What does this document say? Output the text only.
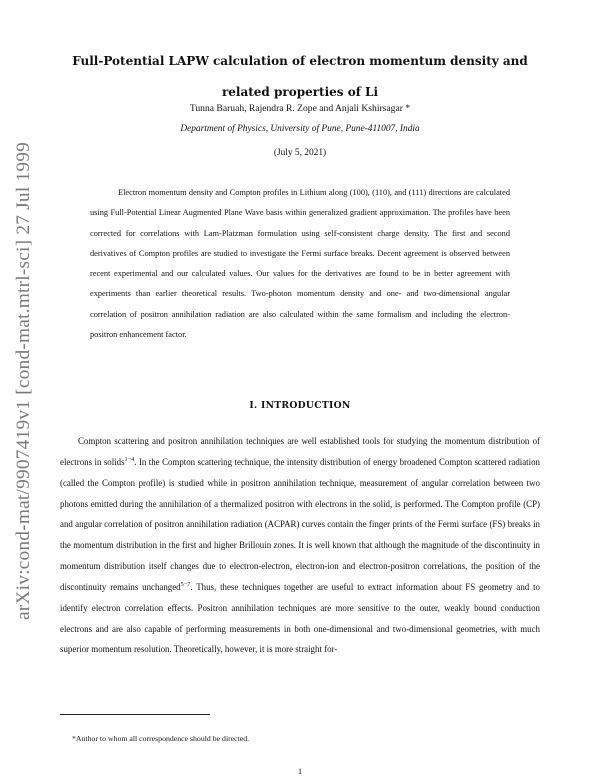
arXiv:cond-mat/9907419v1 [cond-mat.mtrl-sci] 27 Jul 1999
Full-Potential LAPW calculation of electron momentum density and related properties of Li
Tunna Baruah, Rajendra R. Zope and Anjali Kshirsagar *
Department of Physics, University of Pune, Pune-411007, India
(July 5, 2021)

Electron momentum density and Compton profiles in Lithium along (100), (110), and (111) directions are calculated using Full-Potential Linear Augmented Plane Wave basis within generalized gradient approximation. The profiles have been corrected for correlations with Lam-Platzman formulation using self-consistent charge density. The first and second derivatives of Compton profiles are studied to investigate the Fermi surface breaks. Decent agreement is observed between recent experimental and our calculated values. Our values for the derivatives are found to be in better agreement with experiments than earlier theoretical results. Two-photon momentum density and one- and two-dimensional angular correlation of positron annihilation radiation are also calculated within the same formalism and including the electron-positron enhancement factor.

I. INTRODUCTION

Compton scattering and positron annihilation techniques are well established tools for studying the momentum distribution of electrons in solids$^{1-4}$. In the Compton scattering technique, the intensity distribution of energy broadened Compton scattered radiation (called the Compton profile) is studied while in positron annihilation technique, measurement of angular correlation between two photons emitted during the annihilation of a thermalized positron with electrons in the solid, is performed. The Compton profile (CP) and angular correlation of positron annihilation radiation (ACPAR) curves contain the finger prints of the Fermi surface (FS) breaks in the momentum distribution in the first and higher Brillouin zones. It is well known that although the magnitude of the discontinuity in momentum distribution itself changes due to electron-electron, electron-ion and electron-positron correlations, the position of the discontinuity remains unchanged$^{5-7}$. Thus, these techniques together are useful to extract information about FS geometry and to identify electron correlation effects. Positron annihilation techniques are more sensitive to the outer, weakly bound conduction electrons and are also capable of performing measurements in both one-dimensional and two-dimensional geometries, with much superior momentum resolution. Theoretically, however, it is more straight for-

*Author to whom all correspondence should be directed.

1
